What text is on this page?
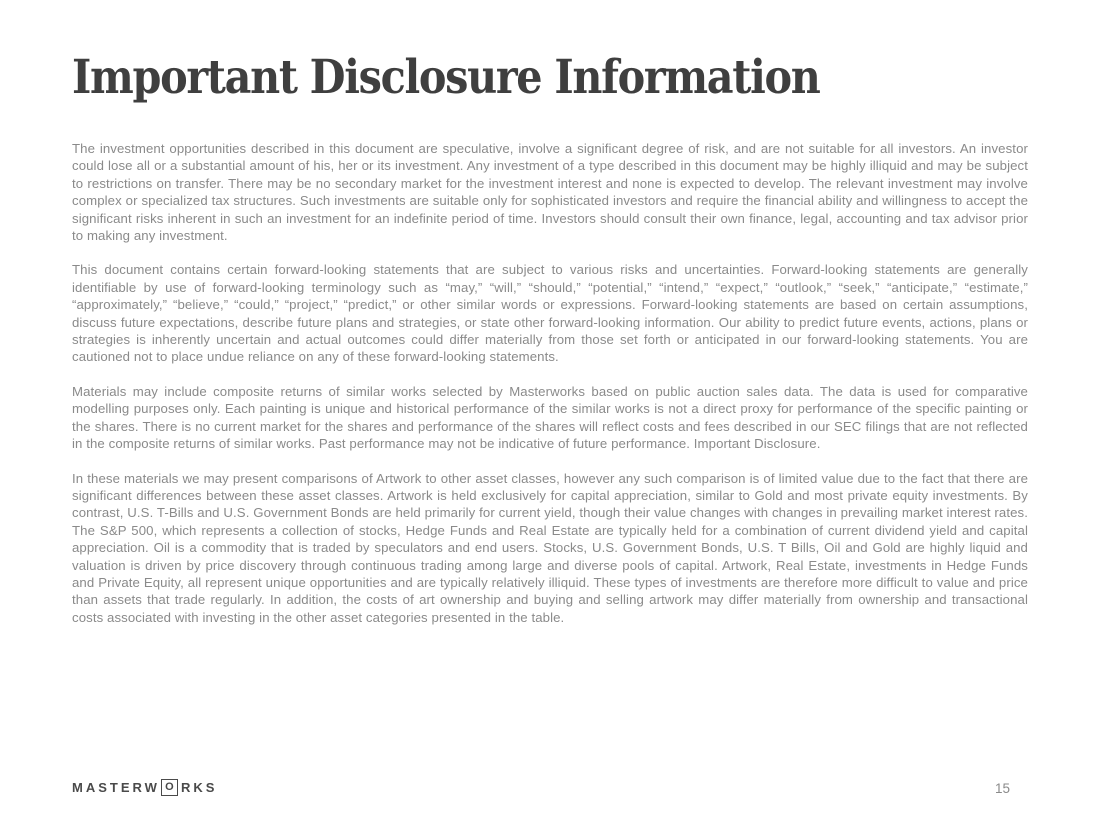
Important Disclosure Information

The investment opportunities described in this document are speculative, involve a significant degree of risk, and are not suitable for all investors. An investor could lose all or a substantial amount of his, her or its investment. Any investment of a type described in this document may be highly illiquid and may be subject to restrictions on transfer. There may be no secondary market for the investment interest and none is expected to develop. The relevant investment may involve complex or specialized tax structures. Such investments are suitable only for sophisticated investors and require the financial ability and willingness to accept the significant risks inherent in such an investment for an indefinite period of time. Investors should consult their own finance, legal, accounting and tax advisor prior to making any investment.

This document contains certain forward-looking statements that are subject to various risks and uncertainties. Forward-looking statements are generally identifiable by use of forward-looking terminology such as “may,” “will,” “should,” “potential,” “intend,” “expect,” “outlook,” “seek,” “anticipate,” “estimate,” “approximately,” “believe,” “could,” “project,” “predict,” or other similar words or expressions. Forward-looking statements are based on certain assumptions, discuss future expectations, describe future plans and strategies, or state other forward-looking information. Our ability to predict future events, actions, plans or strategies is inherently uncertain and actual outcomes could differ materially from those set forth or anticipated in our forward-looking statements. You are cautioned not to place undue reliance on any of these forward-looking statements.

Materials may include composite returns of similar works selected by Masterworks based on public auction sales data. The data is used for comparative modelling purposes only. Each painting is unique and historical performance of the similar works is not a direct proxy for performance of the specific painting or the shares. There is no current market for the shares and performance of the shares will reflect costs and fees described in our SEC filings that are not reflected in the composite returns of similar works. Past performance may not be indicative of future performance. Important Disclosure.

In these materials we may present comparisons of Artwork to other asset classes, however any such comparison is of limited value due to the fact that there are significant differences between these asset classes. Artwork is held exclusively for capital appreciation, similar to Gold and most private equity investments. By contrast, U.S. T-Bills and U.S. Government Bonds are held primarily for current yield, though their value changes with changes in prevailing market interest rates. The S&P 500, which represents a collection of stocks, Hedge Funds and Real Estate are typically held for a combination of current dividend yield and capital appreciation. Oil is a commodity that is traded by speculators and end users. Stocks, U.S. Government Bonds, U.S. T Bills, Oil and Gold are highly liquid and valuation is driven by price discovery through continuous trading among large and diverse pools of capital. Artwork, Real Estate, investments in Hedge Funds and Private Equity, all represent unique opportunities and are typically relatively illiquid. These types of investments are therefore more difficult to value and price than assets that trade regularly. In addition, the costs of art ownership and buying and selling artwork may differ materially from ownership and transactional costs associated with investing in the other asset categories presented in the table.

MASTERW O RKS	15
